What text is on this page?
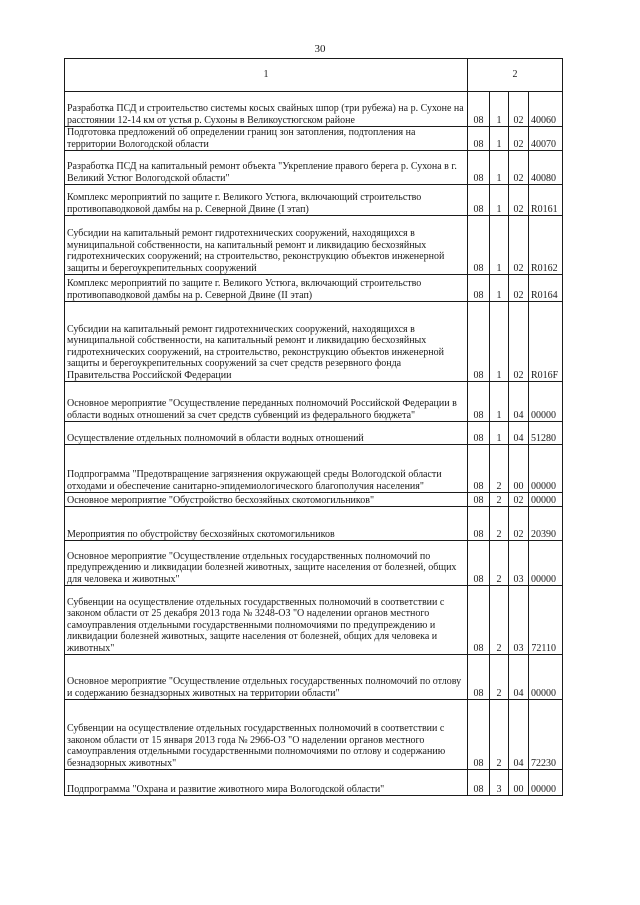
30
1	2			
Разработка ПСД и строительство системы косых свайных шпор (три рубежа) на р. Сухоне на расстоянии 12-14 км от устья р. Сухоны в Великоустюгском районе	08	1	02	40060
Подготовка предложений об определении границ зон затопления, подтопления на территории Вологодской области	08	1	02	40070
Разработка ПСД на капитальный ремонт объекта "Укрепление правого берега р. Сухона в г. Великий Устюг Вологодской области"	08	1	02	40080
Комплекс мероприятий по защите г. Великого Устюга, включающий строительство противопаводковой дамбы на р. Северной Двине (I этап)	08	1	02	R0161
Субсидии на капитальный ремонт гидротехнических сооружений, находящихся в муниципальной собственности, на капитальный ремонт и ликвидацию бесхозяйных гидротехнических сооружений; на строительство, реконструкцию объектов инженерной защиты и берегоукрепительных сооружений	08	1	02	R0162
Комплекс мероприятий по защите г. Великого Устюга, включающий строительство противопаводковой дамбы на р. Северной Двине (II этап)	08	1	02	R0164
Субсидии на капитальный ремонт гидротехнических сооружений, находящихся в муниципальной собственности, на капитальный ремонт и ликвидацию бесхозяйных гидротехнических сооружений, на строительство, реконструкцию объектов инженерной защиты и берегоукрепительных сооружений за счет средств резервного фонда Правительства Российской Федерации	08	1	02	R016F
Основное мероприятие "Осуществление переданных полномочий Российской Федерации в области водных отношений за счет средств субвенций из федерального бюджета"	08	1	04	00000
Осуществление отдельных полномочий в области водных отношений	08	1	04	51280
Подпрограмма "Предотвращение загрязнения окружающей среды Вологодской области отходами и обеспечение санитарно-эпидемиологического благополучия населения"	08	2	00	00000
Основное мероприятие "Обустройство бесхозяйных скотомогильников"	08	2	02	00000
Мероприятия по обустройству бесхозяйных скотомогильников	08	2	02	20390
Основное мероприятие "Осуществление отдельных государственных полномочий по предупреждению и ликвидации болезней животных, защите населения от болезней, общих для человека и животных"	08	2	03	00000
Субвенции на осуществление отдельных государственных полномочий в соответствии с законом области от 25 декабря 2013 года № 3248-ОЗ "О наделении органов местного самоуправления отдельными государственными полномочиями по предупреждению и ликвидации болезней животных, защите населения от болезней, общих для человека и животных"	08	2	03	72110
Основное мероприятие "Осуществление отдельных государственных полномочий по отлову и содержанию безнадзорных животных на территории области"	08	2	04	00000
Субвенции на осуществление отдельных государственных полномочий в соответствии с законом области от 15 января 2013 года № 2966-ОЗ "О наделении органов местного самоуправления отдельными государственными полномочиями по отлову и содержанию безнадзорных животных"	08	2	04	72230
Подпрограмма "Охрана и развитие животного мира Вологодской области"	08	3	00	00000
